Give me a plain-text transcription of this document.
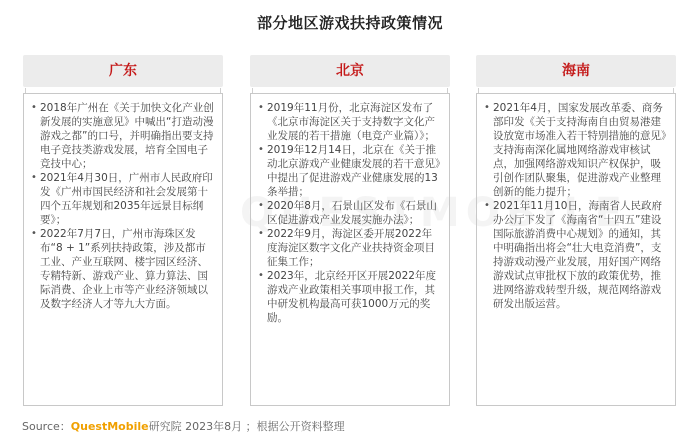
部分地区游戏扶持政策情况
广东
• 2018年广州在《关于加快文化产业创新发展的实施意见》中喊出“打造动漫游戏之都”的口号，并明确指出要支持电子竞技类游戏发展，培育全国电子竞技中心；
• 2021年4月30日，广州市人民政府印发《广州市国民经济和社会发展第十四个五年规划和2035年远景目标纲要》；
• 2022年7月7日，广州市海珠区发布“8 + 1”系列扶持政策，涉及都市工业、产业互联网、楼宇园区经济、专精特新、游戏产业、算力算法、国际消费、企业上市等产业经济领域以及数字经济人才等九大方面。
北京
• 2019年11月份，北京海淀区发布了《北京市海淀区关于支持数字文化产业发展的若干措施（电竞产业篇）》；
• 2019年12月14日，北京在《关于推动北京游戏产业健康发展的若干意见》中提出了促进游戏产业健康发展的13条举措；
• 2020年8月，石景山区发布《石景山区促进游戏产业发展实施办法》；
• 2022年9月，海淀区委开展2022年度海淀区数字文化产业扶持资金项目征集工作；
• 2023年，北京经开区开展2022年度游戏产业政策相关事项申报工作，其中研发机构最高可获1000万元的奖励。
海南
• 2021年4月，国家发展改革委、商务部印发《关于支持海南自由贸易港建设放宽市场准入若干特别措施的意见》支持海南深化属地网络游戏审核试点，加强网络游戏知识产权保护，吸引创作团队聚集，促进游戏产业整理创新的能力提升；
• 2021年11月10日，海南省人民政府办公厅下发了《海南省“十四五”建设国际旅游消费中心规划》的通知，其中明确指出将会“壮大电竞消费”，支持游戏动漫产业发展，用好国产网络游戏试点审批权下放的政策优势，推进网络游戏转型升级，规范网络游戏研发出版运营。
Source：QuestMobile研究院 2023年8月 ；根据公开资料整理
